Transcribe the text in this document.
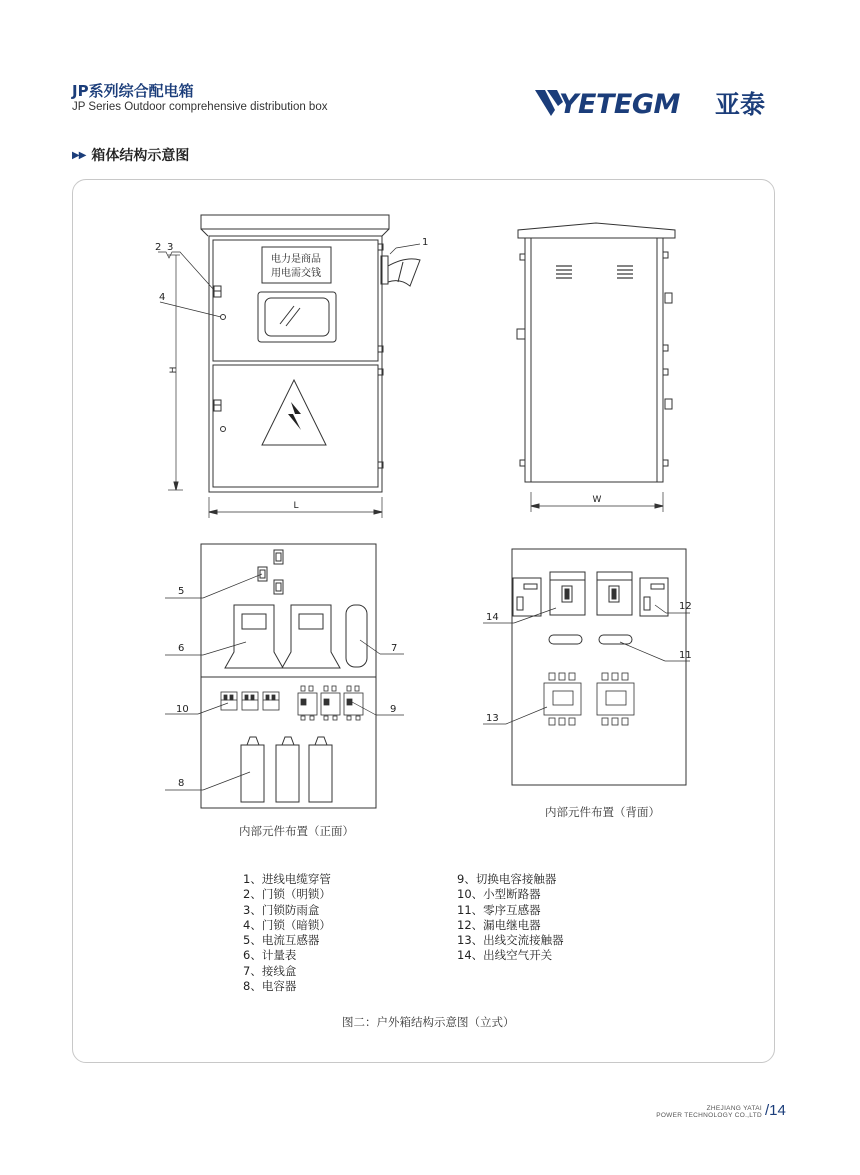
JP系列综合配电箱
JP Series Outdoor comprehensive distribution box	YETEGM 亚泰
▶▶ 箱体结构示意图
电力是商品
用电需交钱
H
L
W
1
2 3
4
5
6	7
8
9
10
11
12
13
14
内部元件布置（正面）
内部元件布置（背面）
1、进线电缆穿管
2、门锁（明锁）
3、门锁防雨盒
4、门锁（暗锁）
5、电流互感器
6、计量表
7、接线盒
8、电容器
9、切换电容接触器
10、小型断路器
11、零序互感器
12、漏电继电器
13、出线交流接触器
14、出线空气开关
图二：户外箱结构示意图（立式）
ZHEJIANG YATAI
POWER TECHNOLOGY CO.,LTD /14
